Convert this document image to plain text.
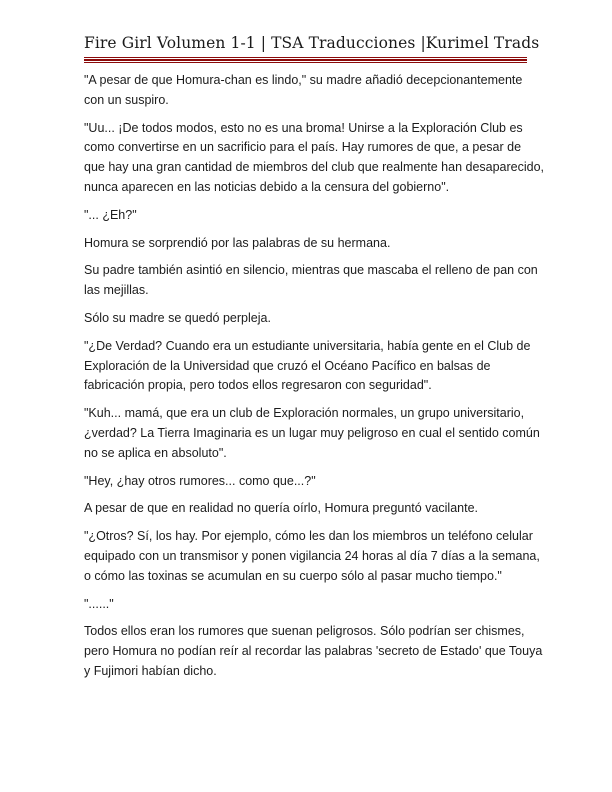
Fire Girl Volumen 1-1 | TSA Traducciones |Kurimel Trads

"A pesar de que Homura-chan es lindo," su madre añadió decepcionantemente
con un suspiro.

"Uu... ¡De todos modos, esto no es una broma! Unirse a la Exploración Club es
como convertirse en un sacrificio para el país. Hay rumores de que, a pesar de
que hay una gran cantidad de miembros del club que realmente han desaparecido,
nunca aparecen en las noticias debido a la censura del gobierno".

"... ¿Eh?"

Homura se sorprendió por las palabras de su hermana.

Su padre también asintió en silencio, mientras que mascaba el relleno de pan con
las mejillas.

Sólo su madre se quedó perpleja.

"¿De Verdad? Cuando era un estudiante universitaria, había gente en el Club de
Exploración de la Universidad que cruzó el Océano Pacífico en balsas de
fabricación propia, pero todos ellos regresaron con seguridad".

"Kuh... mamá, que era un club de Exploración normales, un grupo universitario,
¿verdad? La Tierra Imaginaria es un lugar muy peligroso en cual el sentido común
no se aplica en absoluto".

"Hey, ¿hay otros rumores... como que...?"

A pesar de que en realidad no quería oírlo, Homura preguntó vacilante.

"¿Otros? Sí, los hay. Por ejemplo, cómo les dan los miembros un teléfono celular
equipado con un transmisor y ponen vigilancia 24 horas al día 7 días a la semana,
o cómo las toxinas se acumulan en su cuerpo sólo al pasar mucho tiempo."

"......"

Todos ellos eran los rumores que suenan peligrosos. Sólo podrían ser chismes,
pero Homura no podían reír al recordar las palabras 'secreto de Estado' que Touya
y Fujimori habían dicho.
